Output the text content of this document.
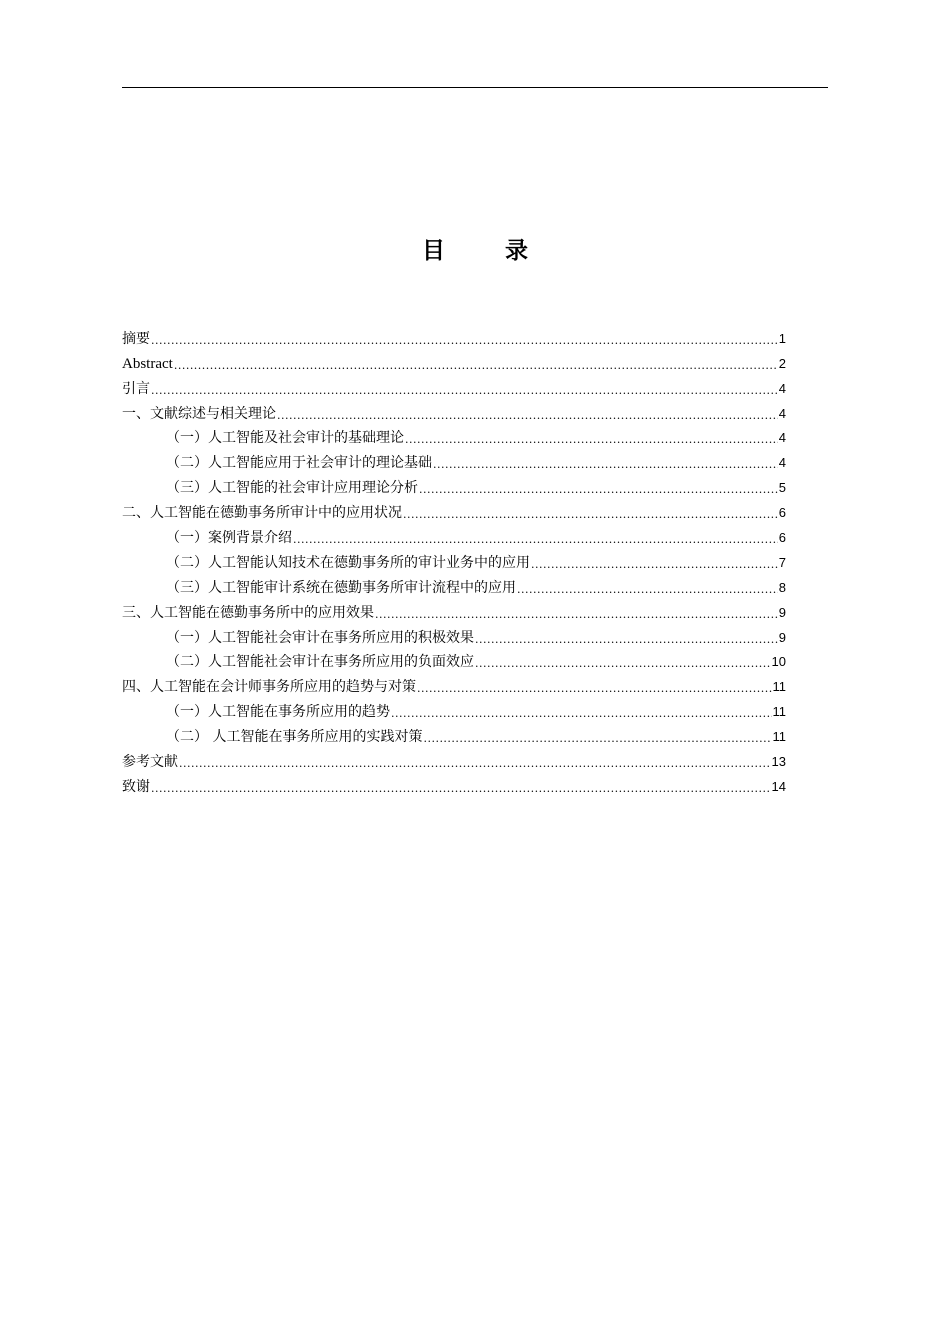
目 录
摘要 .....	1
Abstract .....	2
引言 .....	4
一、文献综述与相关理论 .....	4
（一）人工智能及社会审计的基础理论 .....	4
（二）人工智能应用于社会审计的理论基础 .....	4
（三）人工智能的社会审计应用理论分析 .....	5
二、人工智能在德勤事务所审计中的应用状况 .....	6
（一）案例背景介绍 .....	6
（二）人工智能认知技术在德勤事务所的审计业务中的应用 .....	7
（三）人工智能审计系统在德勤事务所审计流程中的应用 .....	8
三、人工智能在德勤事务所中的应用效果 .....	9
（一）人工智能社会审计在事务所应用的积极效果 .....	9
（二）人工智能社会审计在事务所应用的负面效应 .....	10
四、人工智能在会计师事务所应用的趋势与对策 .....	11
（一）人工智能在事务所应用的趋势 .....	11
（二） 人工智能在事务所应用的实践对策 .....	11
参考文献 .....	13
致谢 .....	14
